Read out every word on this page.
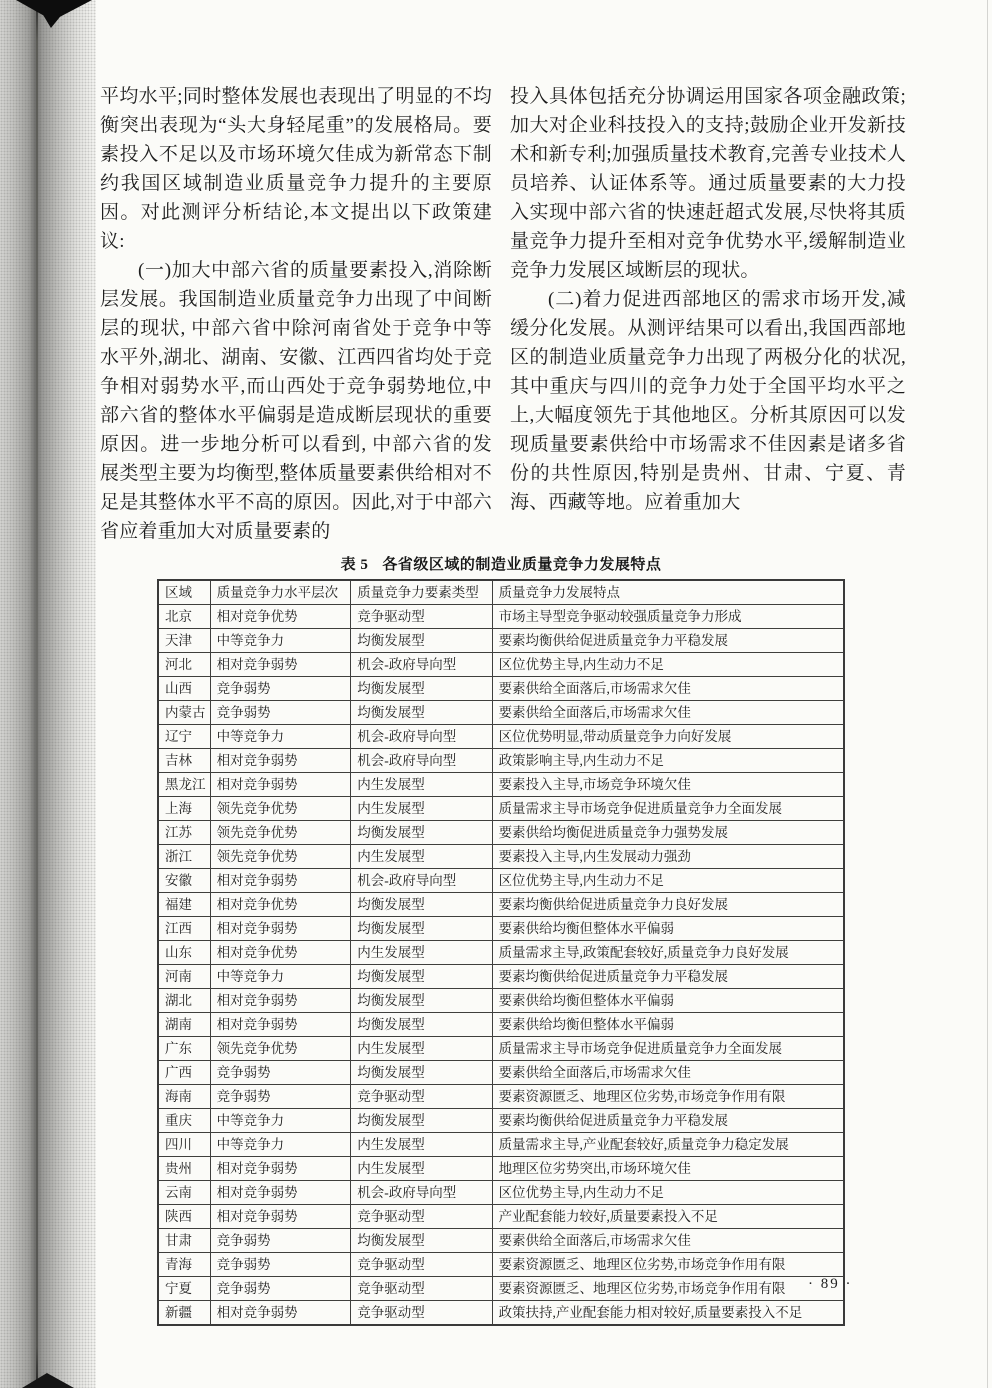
平均水平;同时整体发展也表现出了明显的不均衡突出表现为“头大身轻尾重”的发展格局。要素投入不足以及市场环境欠佳成为新常态下制约我国区域制造业质量竞争力提升的主要原因。对此测评分析结论,本文提出以下政策建议:

(一)加大中部六省的质量要素投入,消除断层发展。我国制造业质量竞争力出现了中间断层的现状, 中部六省中除河南省处于竞争中等水平外,湖北、湖南、安徽、江西四省均处于竞争相对弱势水平,而山西处于竞争弱势地位,中部六省的整体水平偏弱是造成断层现状的重要原因。进一步地分析可以看到, 中部六省的发展类型主要为均衡型,整体质量要素供给相对不足是其整体水平不高的原因。因此,对于中部六省应着重加大对质量要素的

投入具体包括充分协调运用国家各项金融政策;加大对企业科技投入的支持;鼓励企业开发新技术和新专利;加强质量技术教育,完善专业技术人员培养、认证体系等。通过质量要素的大力投入实现中部六省的快速赶超式发展,尽快将其质量竞争力提升至相对竞争优势水平,缓解制造业竞争力发展区域断层的现状。

(二)着力促进西部地区的需求市场开发,减缓分化发展。从测评结果可以看出,我国西部地区的制造业质量竞争力出现了两极分化的状况,其中重庆与四川的竞争力处于全国平均水平之上,大幅度领先于其他地区。分析其原因可以发现质量要素供给中市场需求不佳因素是诸多省份的共性原因,特别是贵州、甘肃、宁夏、青海、西藏等地。应着重加大

表 5 各省级区域的制造业质量竞争力发展特点

区域	质量竞争力水平层次	质量竞争力要素类型	质量竞争力发展特点
北京	相对竞争优势	竞争驱动型	市场主导型竞争驱动较强质量竞争力形成
天津	中等竞争力	均衡发展型	要素均衡供给促进质量竞争力平稳发展
河北	相对竞争弱势	机会-政府导向型	区位优势主导,内生动力不足
山西	竞争弱势	均衡发展型	要素供给全面落后,市场需求欠佳
内蒙古	竞争弱势	均衡发展型	要素供给全面落后,市场需求欠佳
辽宁	中等竞争力	机会-政府导向型	区位优势明显,带动质量竞争力向好发展
吉林	相对竞争弱势	机会-政府导向型	政策影响主导,内生动力不足
黑龙江	相对竞争弱势	内生发展型	要素投入主导,市场竞争环境欠佳
上海	领先竞争优势	内生发展型	质量需求主导市场竞争促进质量竞争力全面发展
江苏	领先竞争优势	均衡发展型	要素供给均衡促进质量竞争力强势发展
浙江	领先竞争优势	内生发展型	要素投入主导,内生发展动力强劲
安徽	相对竞争弱势	机会-政府导向型	区位优势主导,内生动力不足
福建	相对竞争优势	均衡发展型	要素均衡供给促进质量竞争力良好发展
江西	相对竞争弱势	均衡发展型	要素供给均衡但整体水平偏弱
山东	相对竞争优势	内生发展型	质量需求主导,政策配套较好,质量竞争力良好发展
河南	中等竞争力	均衡发展型	要素均衡供给促进质量竞争力平稳发展
湖北	相对竞争弱势	均衡发展型	要素供给均衡但整体水平偏弱
湖南	相对竞争弱势	均衡发展型	要素供给均衡但整体水平偏弱
广东	领先竞争优势	内生发展型	质量需求主导市场竞争促进质量竞争力全面发展
广西	竞争弱势	均衡发展型	要素供给全面落后,市场需求欠佳
海南	竞争弱势	竞争驱动型	要素资源匮乏、地理区位劣势,市场竞争作用有限
重庆	中等竞争力	均衡发展型	要素均衡供给促进质量竞争力平稳发展
四川	中等竞争力	内生发展型	质量需求主导,产业配套较好,质量竞争力稳定发展
贵州	相对竞争弱势	内生发展型	地理区位劣势突出,市场环境欠佳
云南	相对竞争弱势	机会-政府导向型	区位优势主导,内生动力不足
陕西	相对竞争弱势	竞争驱动型	产业配套能力较好,质量要素投入不足
甘肃	竞争弱势	均衡发展型	要素供给全面落后,市场需求欠佳
青海	竞争弱势	竞争驱动型	要素资源匮乏、地理区位劣势,市场竞争作用有限
宁夏	竞争弱势	竞争驱动型	要素资源匮乏、地理区位劣势,市场竞争作用有限
新疆	相对竞争弱势	竞争驱动型	政策扶持,产业配套能力相对较好,质量要素投入不足
· 89 ·
